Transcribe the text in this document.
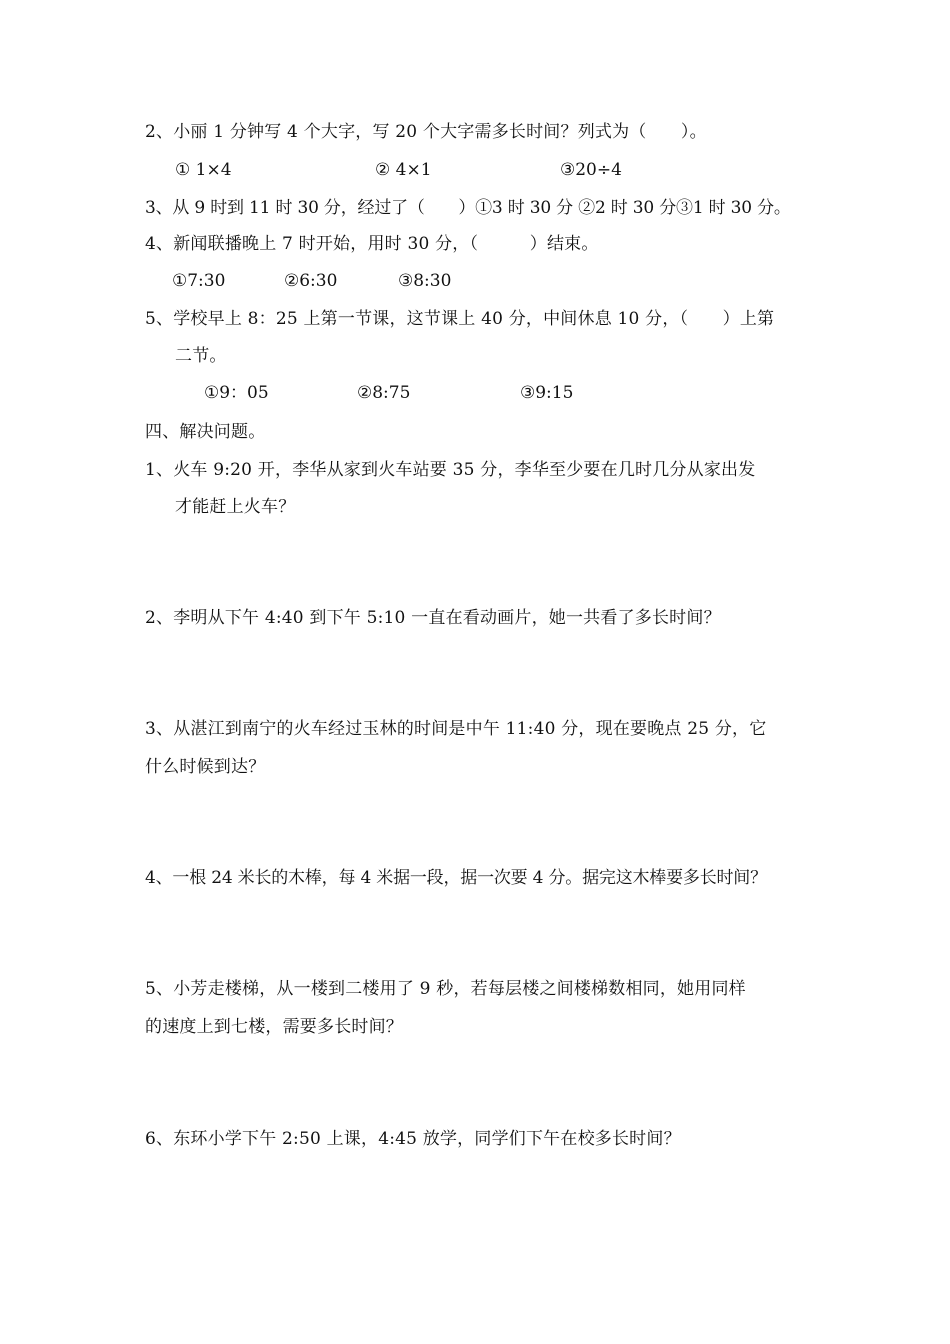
2、小丽 1 分钟写 4 个大字，写 20 个大字需多长时间？列式为（　　）。
① 1×4	② 4×1	③20÷4
3、从 9 时到 11 时 30 分，经过了（　　）①3 时 30 分 ②2 时 30 分③1 时 30 分。
4、新闻联播晚上 7 时开始，用时 30 分，（　　　）结束。
①7:30	②6:30	③8:30
5、学校早上 8：25 上第一节课，这节课上 40 分，中间休息 10 分，（　　）上第
二节。
①9：05	②8:75	③9:15
四、解决问题。
1、火车 9:20 开，李华从家到火车站要 35 分，李华至少要在几时几分从家出发
才能赶上火车？
2、李明从下午 4:40 到下午 5:10 一直在看动画片，她一共看了多长时间？
3、从湛江到南宁的火车经过玉林的时间是中午 11:40 分，现在要晚点 25 分，它
什么时候到达？
4、一根 24 米长的木棒，每 4 米据一段，据一次要 4 分。据完这木棒要多长时间？
5、小芳走楼梯，从一楼到二楼用了 9 秒，若每层楼之间楼梯数相同，她用同样
的速度上到七楼，需要多长时间？
6、东环小学下午 2:50 上课，4:45 放学，同学们下午在校多长时间？
